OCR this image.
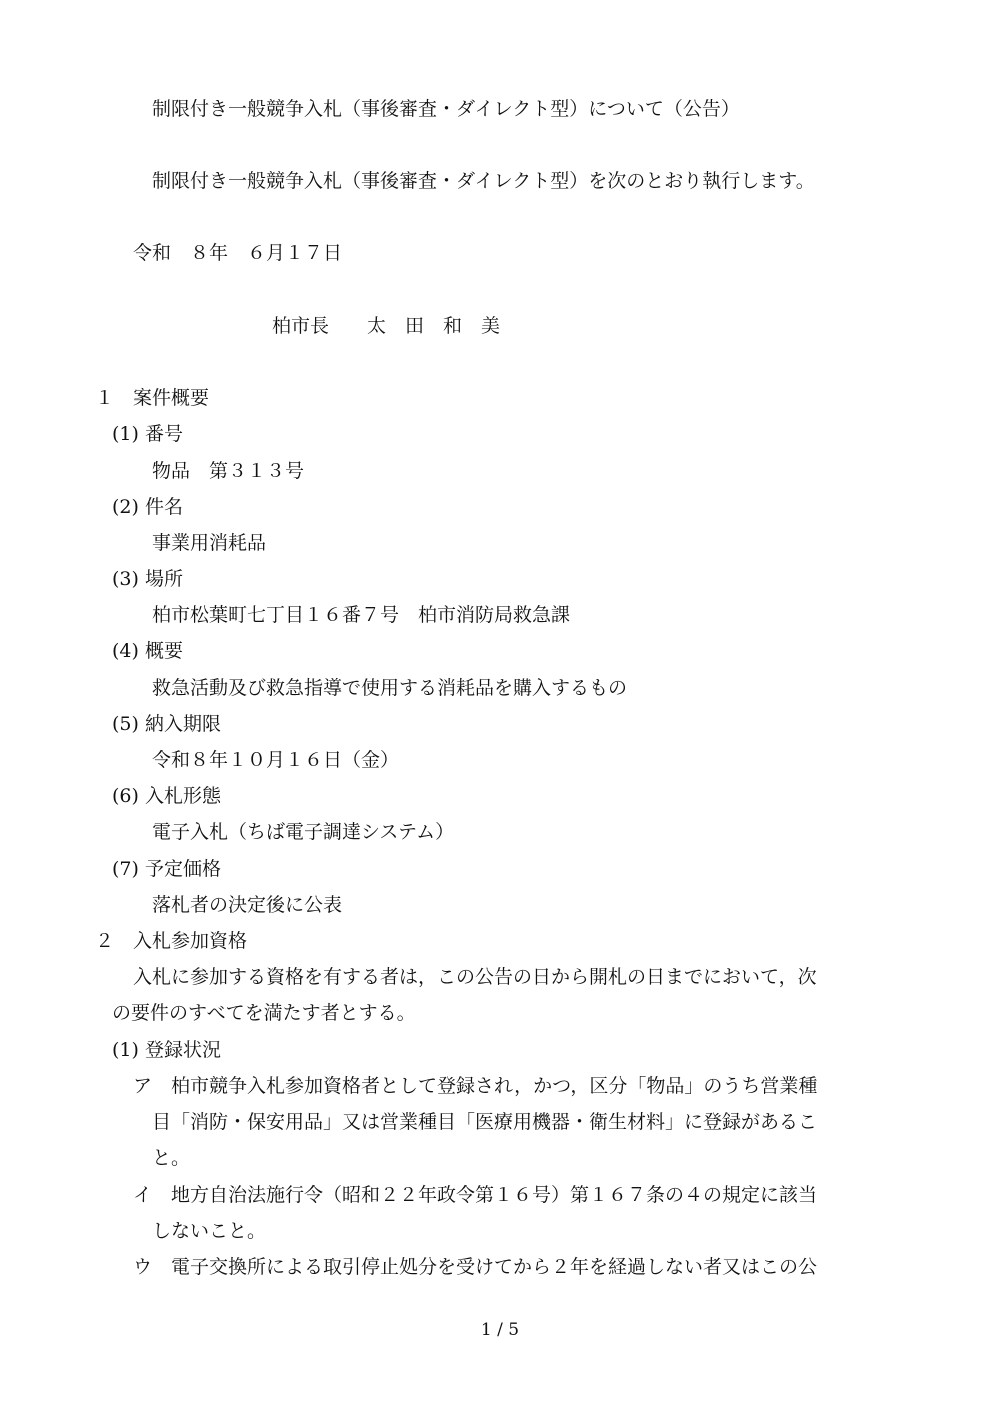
制限付き一般競争入札（事後審査・ダイレクト型）について（公告）
制限付き一般競争入札（事後審査・ダイレクト型）を次のとおり執行します。
令和　８年　６月１７日
柏市長　　太　田　和　美
１　案件概要
(1) 番号
物品　第３１３号
(2) 件名
事業用消耗品
(3) 場所
柏市松葉町七丁目１６番７号　柏市消防局救急課
(4) 概要
救急活動及び救急指導で使用する消耗品を購入するもの
(5) 納入期限
令和８年１０月１６日（金）
(6) 入札形態
電子入札（ちば電子調達システム）
(7) 予定価格
落札者の決定後に公表
２　入札参加資格
入札に参加する資格を有する者は，この公告の日から開札の日までにおいて，次
の要件のすべてを満たす者とする。
(1) 登録状況
ア　柏市競争入札参加資格者として登録され，かつ，区分「物品」のうち営業種
目「消防・保安用品」又は営業種目「医療用機器・衛生材料」に登録があるこ
と。
イ　地方自治法施行令（昭和２２年政令第１６号）第１６７条の４の規定に該当
しないこと。
ウ　電子交換所による取引停止処分を受けてから２年を経過しない者又はこの公
1 / 5
